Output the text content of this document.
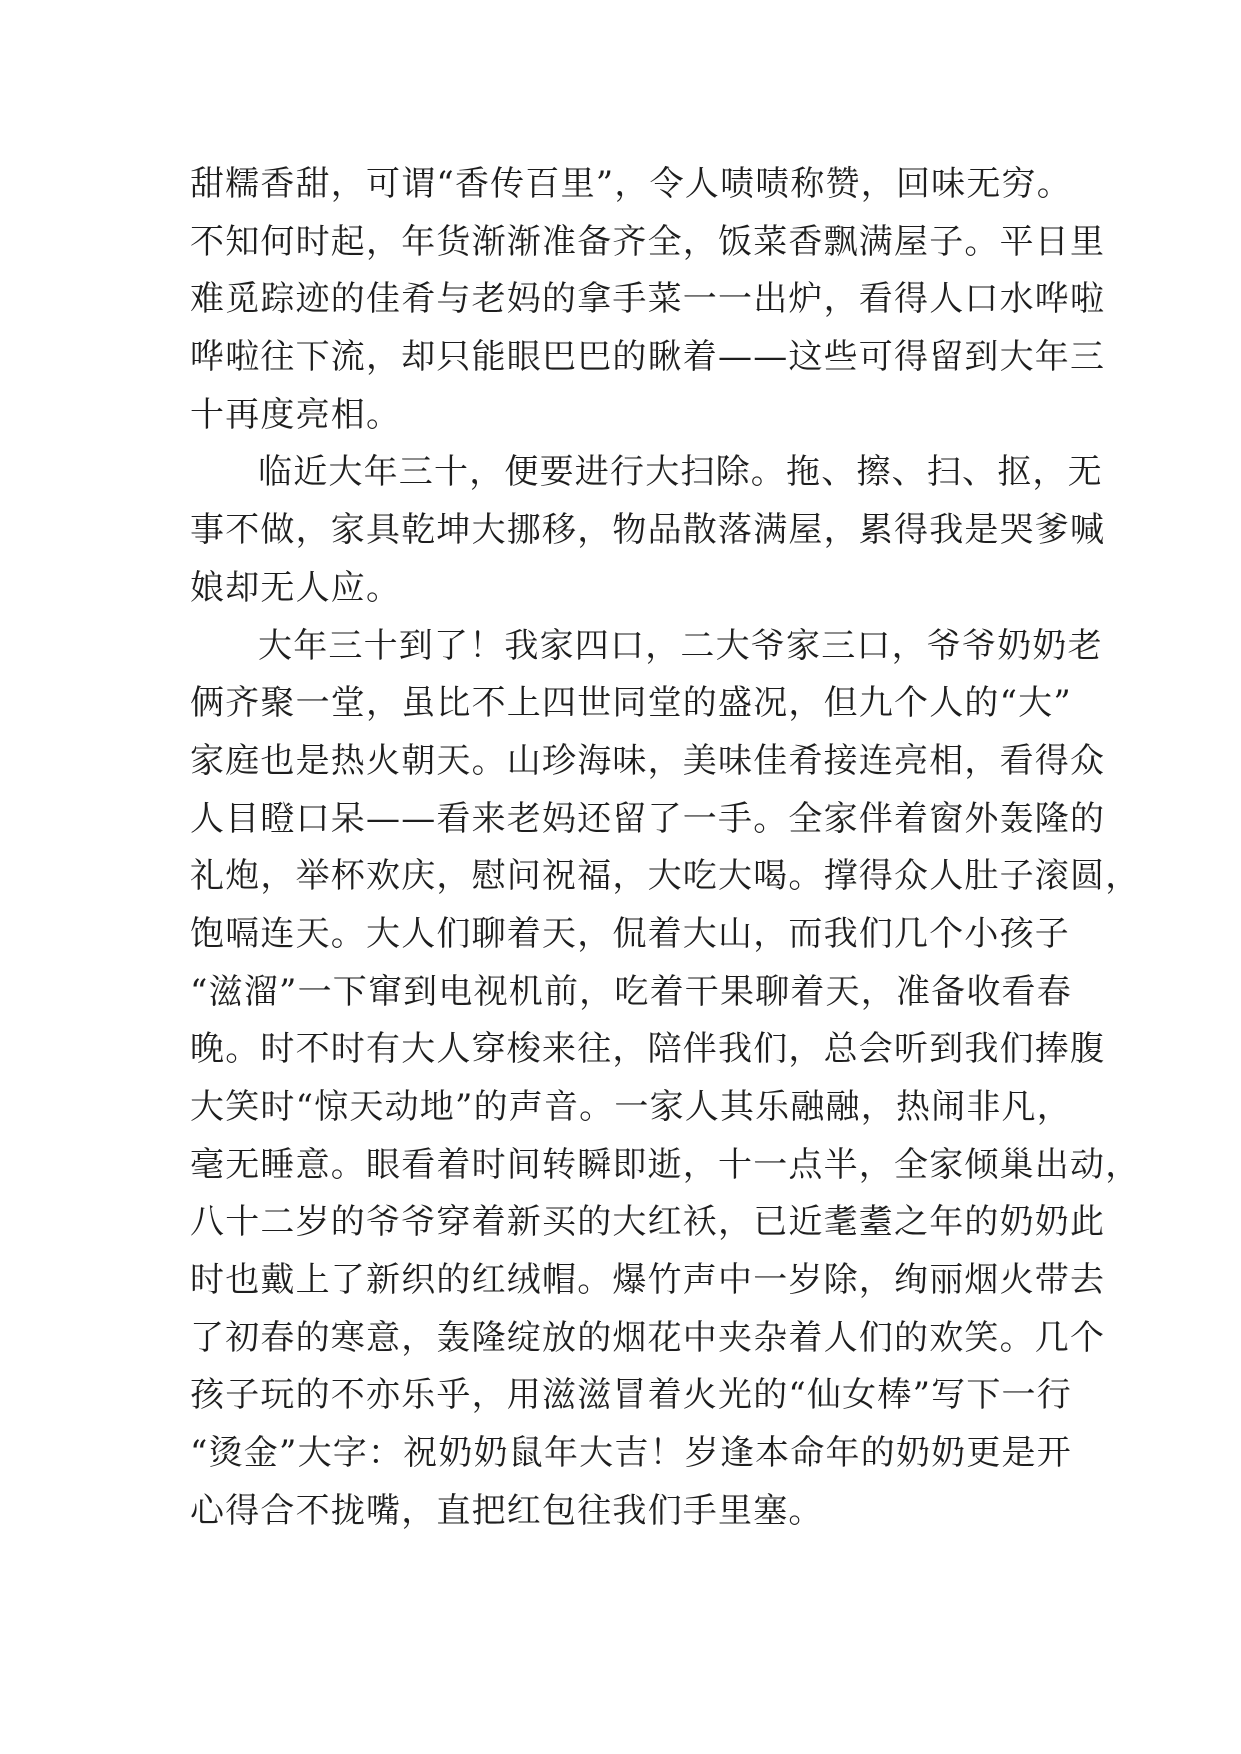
甜糯香甜，可谓“香传百里”，令人啧啧称赞，回味无穷。
不知何时起，年货渐渐准备齐全，饭菜香飘满屋子。平日里
难觅踪迹的佳肴与老妈的拿手菜一一出炉，看得人口水哗啦
哗啦往下流，却只能眼巴巴的瞅着——这些可得留到大年三
十再度亮相。
临近大年三十，便要进行大扫除。拖、擦、扫、抠，无
事不做，家具乾坤大挪移，物品散落满屋，累得我是哭爹喊
娘却无人应。
大年三十到了！我家四口，二大爷家三口，爷爷奶奶老
俩齐聚一堂，虽比不上四世同堂的盛况，但九个人的“大”
家庭也是热火朝天。山珍海味，美味佳肴接连亮相，看得众
人目瞪口呆——看来老妈还留了一手。全家伴着窗外轰隆的
礼炮，举杯欢庆，慰问祝福，大吃大喝。撑得众人肚子滚圆，
饱嗝连天。大人们聊着天，侃着大山，而我们几个小孩子
“滋溜”一下窜到电视机前，吃着干果聊着天，准备收看春
晚。时不时有大人穿梭来往，陪伴我们，总会听到我们捧腹
大笑时“惊天动地”的声音。一家人其乐融融，热闹非凡，
毫无睡意。眼看着时间转瞬即逝，十一点半，全家倾巢出动，
八十二岁的爷爷穿着新买的大红袄，已近耄耋之年的奶奶此
时也戴上了新织的红绒帽。爆竹声中一岁除，绚丽烟火带去
了初春的寒意，轰隆绽放的烟花中夹杂着人们的欢笑。几个
孩子玩的不亦乐乎，用滋滋冒着火光的“仙女棒”写下一行
“烫金”大字：祝奶奶鼠年大吉！岁逢本命年的奶奶更是开
心得合不拢嘴，直把红包往我们手里塞。
